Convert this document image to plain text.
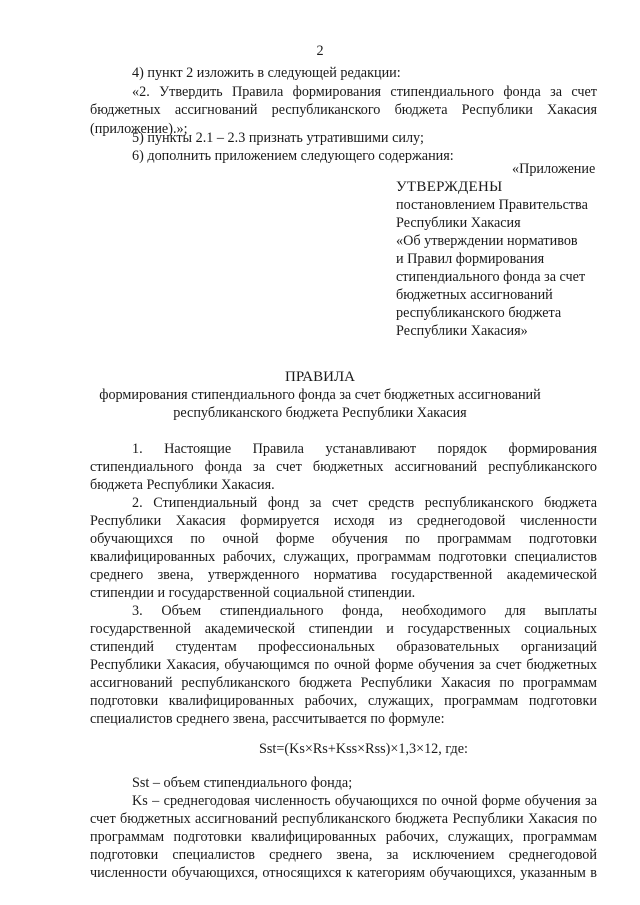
2
4) пункт 2 изложить в следующей редакции:
«2. Утвердить Правила формирования стипендиального фонда за счет
бюджетных ассигнований республиканского бюджета Республики Хакасия
(приложение).»;
5) пункты 2.1 – 2.3 признать утратившими силу;
6) дополнить приложением следующего содержания:
«Приложение
УТВЕРЖДЕНЫ
постановлением Правительства
Республики Хакасия
«Об утверждении нормативов
и Правил формирования
стипендиального фонда за счет
бюджетных ассигнований
республиканского бюджета
Республики Хакасия»
ПРАВИЛА
формирования стипендиального фонда за счет бюджетных ассигнований
республиканского бюджета Республики Хакасия
1. Настоящие Правила устанавливают порядок формирования
стипендиального фонда за счет бюджетных ассигнований республиканского
бюджета Республики Хакасия.
2. Стипендиальный фонд за счет средств республиканского бюджета
Республики Хакасия формируется исходя из среднегодовой численности
обучающихся по очной форме обучения по программам подготовки
квалифицированных рабочих, служащих, программам подготовки специалистов
среднего звена, утвержденного норматива государственной академической
стипендии и государственной социальной стипендии.
3. Объем стипендиального фонда, необходимого для выплаты
государственной академической стипендии и государственных социальных
стипендий студентам профессиональных образовательных организаций
Республики Хакасия, обучающимся по очной форме обучения за счет бюджетных
ассигнований республиканского бюджета Республики Хакасия по программам
подготовки квалифицированных рабочих, служащих, программам подготовки
специалистов среднего звена, рассчитывается по формуле:
Sst=(Ks×Rs+Kss×Rss)×1,3×12, где:
Sst – объем стипендиального фонда;
Ks – среднегодовая численность обучающихся по очной форме обучения за
счет бюджетных ассигнований республиканского бюджета Республики Хакасия по
программам подготовки квалифицированных рабочих, служащих, программам
подготовки специалистов среднего звена, за исключением среднегодовой
численности обучающихся, относящихся к категориям обучающихся, указанным в
